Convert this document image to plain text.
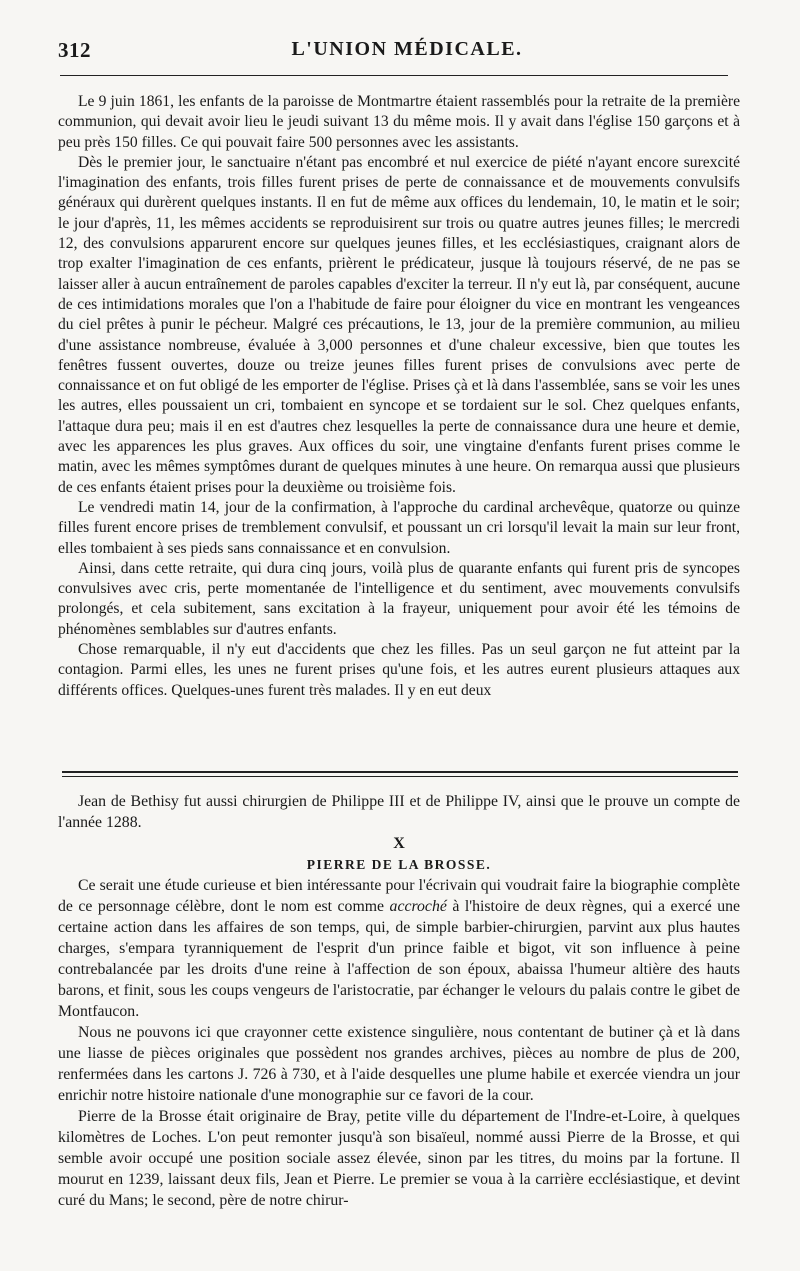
312	L'UNION MÉDICALE.

Le 9 juin 1861, les enfants de la paroisse de Montmartre étaient rassemblés pour la retraite de la première communion, qui devait avoir lieu le jeudi suivant 13 du même mois. Il y avait dans l'église 150 garçons et à peu près 150 filles. Ce qui pouvait faire 500 personnes avec les assistants.

Dès le premier jour, le sanctuaire n'étant pas encombré et nul exercice de piété n'ayant encore surexcité l'imagination des enfants, trois filles furent prises de perte de connaissance et de mouvements convulsifs généraux qui durèrent quelques instants. Il en fut de même aux offices du lendemain, 10, le matin et le soir; le jour d'après, 11, les mêmes accidents se reproduisirent sur trois ou quatre autres jeunes filles; le mercredi 12, des convulsions apparurent encore sur quelques jeunes filles, et les ecclésiastiques, craignant alors de trop exalter l'imagination de ces enfants, prièrent le prédicateur, jusque là toujours réservé, de ne pas se laisser aller à aucun entraînement de paroles capables d'exciter la terreur. Il n'y eut là, par conséquent, aucune de ces intimidations morales que l'on a l'habitude de faire pour éloigner du vice en montrant les vengeances du ciel prêtes à punir le pécheur. Malgré ces précautions, le 13, jour de la première communion, au milieu d'une assistance nombreuse, évaluée à 3,000 personnes et d'une chaleur excessive, bien que toutes les fenêtres fussent ouvertes, douze ou treize jeunes filles furent prises de convulsions avec perte de connaissance et on fut obligé de les emporter de l'église. Prises çà et là dans l'assemblée, sans se voir les unes les autres, elles poussaient un cri, tombaient en syncope et se tordaient sur le sol. Chez quelques enfants, l'attaque dura peu; mais il en est d'autres chez lesquelles la perte de connaissance dura une heure et demie, avec les apparences les plus graves. Aux offices du soir, une vingtaine d'enfants furent prises comme le matin, avec les mêmes symptômes durant de quelques minutes à une heure. On remarqua aussi que plusieurs de ces enfants étaient prises pour la deuxième ou troisième fois.

Le vendredi matin 14, jour de la confirmation, à l'approche du cardinal archevêque, quatorze ou quinze filles furent encore prises de tremblement convulsif, et poussant un cri lorsqu'il levait la main sur leur front, elles tombaient à ses pieds sans connaissance et en convulsion.

Ainsi, dans cette retraite, qui dura cinq jours, voilà plus de quarante enfants qui furent pris de syncopes convulsives avec cris, perte momentanée de l'intelligence et du sentiment, avec mouvements convulsifs prolongés, et cela subitement, sans excitation à la frayeur, uniquement pour avoir été les témoins de phénomènes semblables sur d'autres enfants.

Chose remarquable, il n'y eut d'accidents que chez les filles. Pas un seul garçon ne fut atteint par la contagion. Parmi elles, les unes ne furent prises qu'une fois, et les autres eurent plusieurs attaques aux différents offices. Quelques-unes furent très malades. Il y en eut deux

Jean de Bethisy fut aussi chirurgien de Philippe III et de Philippe IV, ainsi que le prouve un compte de l'année 1288.

X

PIERRE DE LA BROSSE.

Ce serait une étude curieuse et bien intéressante pour l'écrivain qui voudrait faire la biographie complète de ce personnage célèbre, dont le nom est comme accroché à l'histoire de deux règnes, qui a exercé une certaine action dans les affaires de son temps, qui, de simple barbier-chirurgien, parvint aux plus hautes charges, s'empara tyranniquement de l'esprit d'un prince faible et bigot, vit son influence à peine contrebalancée par les droits d'une reine à l'affection de son époux, abaissa l'humeur altière des hauts barons, et finit, sous les coups vengeurs de l'aristocratie, par échanger le velours du palais contre le gibet de Montfaucon.

Nous ne pouvons ici que crayonner cette existence singulière, nous contentant de butiner çà et là dans une liasse de pièces originales que possèdent nos grandes archives, pièces au nombre de plus de 200, renfermées dans les cartons J. 726 à 730, et à l'aide desquelles une plume habile et exercée viendra un jour enrichir notre histoire nationale d'une monographie sur ce favori de la cour.

Pierre de la Brosse était originaire de Bray, petite ville du département de l'Indre-et-Loire, à quelques kilomètres de Loches. L'on peut remonter jusqu'à son bisaïeul, nommé aussi Pierre de la Brosse, et qui semble avoir occupé une position sociale assez élevée, sinon par les titres, du moins par la fortune. Il mourut en 1239, laissant deux fils, Jean et Pierre. Le premier se voua à la carrière ecclésiastique, et devint curé du Mans; le second, père de notre chirur-
